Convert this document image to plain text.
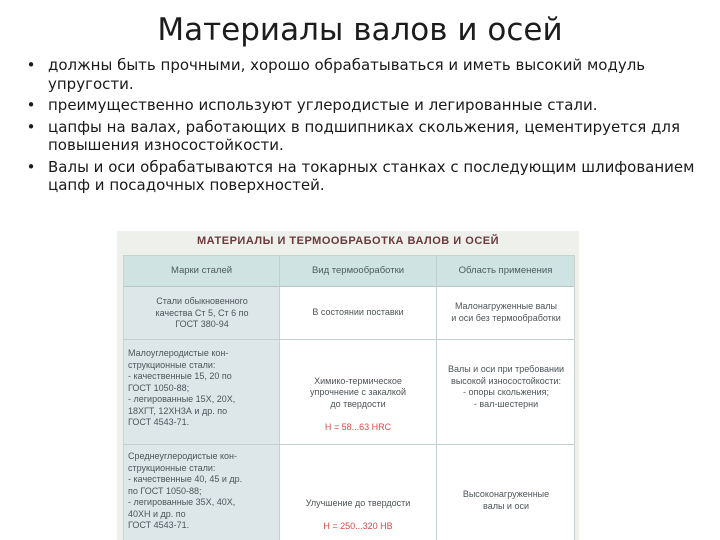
Материалы валов и осей
• должны быть прочными, хорошо обрабатываться и иметь высокий модуль упругости.
• преимущественно используют углеродистые и легированные стали.
• цапфы на валах, работающих в подшипниках скольжения, цементируется для повышения износостойкости.
• Валы и оси обрабатываются на токарных станках с последующим шлифованием цапф и посадочных поверхностей.
МАТЕРИАЛЫ И ТЕРМООБРАБОТКА ВАЛОВ И ОСЕЙ
Марки сталей	Вид термообработки	Область применения
Стали обыкновенного
качества Ст 5, Ст 6 по
ГОСТ 380-94
В состоянии поставки
Малонагруженные валы
и оси без термообработки
Малоуглеродистые кон-
струкционные стали:
- качественные 15, 20 по
ГОСТ 1050-88;
- легированные 15Х, 20Х,
18ХГТ, 12ХН3А и др. по
ГОСТ 4543-71.

Химико-термическое
упрочнение с закалкой
до твердости

H = 58...63 HRC

Валы и оси при требовании
высокой износостойкости:
- опоры скольжения;
- вал-шестерни
Среднеуглеродистые кон-
струкционные стали:
- качественные 40, 45 и др.
по ГОСТ 1050-88;
- легированные 35Х, 40Х,
40ХН и др. по
ГОСТ 4543-71.

Улучшение до твердости

H = 250...320 HB

Высоконагруженные
валы и оси
